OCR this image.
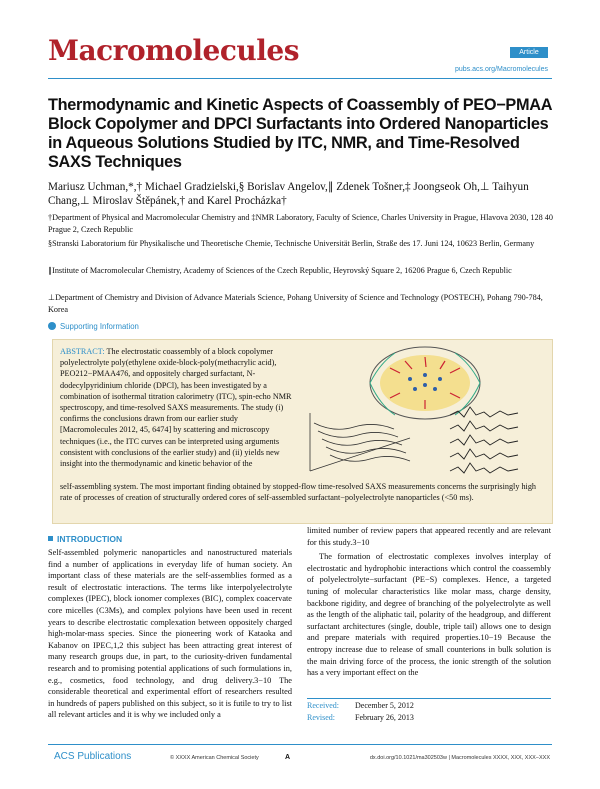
Macromolecules	Article
pubs.acs.org/Macromolecules
Thermodynamic and Kinetic Aspects of Coassembly of PEO−PMAA Block Copolymer and DPCl Surfactants into Ordered Nanoparticles in Aqueous Solutions Studied by ITC, NMR, and Time-Resolved SAXS Techniques
Mariusz Uchman,*,† Michael Gradzielski,§ Borislav Angelov,∥ Zdenek Tošner,‡ Joongseok Oh,⊥ Taihyun Chang,⊥ Miroslav Štěpánek,† and Karel Procházka†
†Department of Physical and Macromolecular Chemistry and ‡NMR Laboratory, Faculty of Science, Charles University in Prague, Hlavova 2030, 128 40 Prague 2, Czech Republic
§Stranski Laboratorium für Physikalische und Theoretische Chemie, Technische Universität Berlin, Straße des 17. Juni 124, 10623 Berlin, Germany
∥Institute of Macromolecular Chemistry, Academy of Sciences of the Czech Republic, Heyrovský Square 2, 16206 Prague 6, Czech Republic
⊥Department of Chemistry and Division of Advance Materials Science, Pohang University of Science and Technology (POSTECH), Pohang 790-784, Korea
Supporting Information
ABSTRACT: The electrostatic coassembly of a block copolymer polyelectrolyte poly(ethylene oxide-block-poly(methacrylic acid), PEO212−PMAA476, and oppositely charged surfactant, N-dodecylpyridinium chloride (DPCl), has been investigated by a combination of isothermal titration calorimetry (ITC), spin-echo NMR spectroscopy, and time-resolved SAXS measurements. The study (i) confirms the conclusions drawn from our earlier study [Macromolecules 2012, 45, 6474] by scattering and microscopy techniques (i.e., the ITC curves can be interpreted using arguments consistent with conclusions of the earlier study) and (ii) yields new insight into the thermodynamic and kinetic behavior of the
self-assembling system. The most important finding obtained by stopped-flow time-resolved SAXS measurements concerns the surprisingly high rate of processes of creation of structurally ordered cores of self-assembled surfactant−polyelectrolyte nanoparticles (<50 ms).
INTRODUCTION
Self-assembled polymeric nanoparticles and nanostructured materials find a number of applications in everyday life of human society. An important class of these materials are the self-assemblies formed as a result of electrostatic interactions. The terms like interpolyelectrolyte complexes (IPEC), block ionomer complexes (BIC), complex coacervate core micelles (C3Ms), and complex polyions have been used in recent years to describe electrostatic complexation between oppositely charged high-molar-mass species. Since the pioneering work of Kataoka and Kabanov on IPEC,1,2 this subject has been attracting great interest of many research groups due, in part, to the curiosity-driven fundamental research and to promising potential applications of such formulations in, e.g., cosmetics, food technology, and drug delivery.3−10 The considerable theoretical and experimental effort of researchers resulted in hundreds of papers published on this subject, so it is futile to try to list all relevant articles and it is why we included only a

limited number of review papers that appeared recently and are relevant for this study.3−10

The formation of electrostatic complexes involves interplay of electrostatic and hydrophobic interactions which control the coassembly of polyelectrolyte−surfactant (PE−S) complexes. Hence, a targeted tuning of molecular characteristics like molar mass, charge density, backbone rigidity, and degree of branching of the polyelectrolyte as well as the length of the aliphatic tail, polarity of the headgroup, and different surfactant architectures (single, double, triple tail) allows one to design and prepare materials with required properties.10−19 Because the entropy increase due to release of small counterions in bulk solution is the main driving force of the process, the ionic strength of the solution has a very important effect on the

Received: December 5, 2012
Revised:	February 26, 2013
ACS Publications	© XXXX American Chemical Society	A	dx.doi.org/10.1021/ma302503w | Macromolecules XXXX, XXX, XXX−XXX
